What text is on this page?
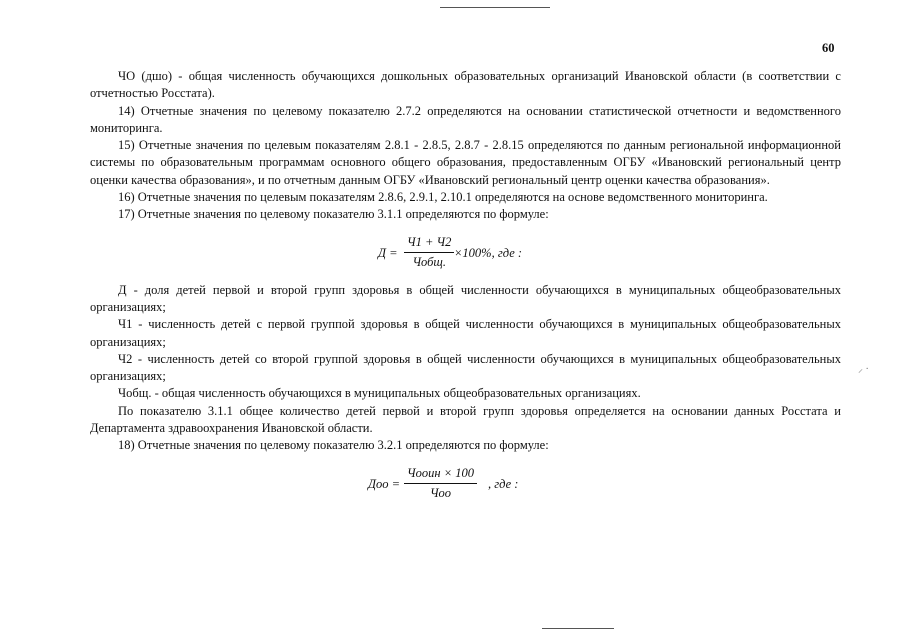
⸝ ·
60

ЧО (дшо) - общая численность обучающихся дошкольных образовательных организаций Ивановской области (в соответствии с отчетностью Росстата).

14) Отчетные значения по целевому показателю 2.7.2 определяются на основании статистической отчетности и ведомственного мониторинга.

15) Отчетные значения по целевым показателям 2.8.1 - 2.8.5, 2.8.7 - 2.8.15 определяются по данным региональной информационной системы по образовательным программам основного общего образования, предоставленным ОГБУ «Ивановский региональный центр оценки качества образования», и по отчетным данным ОГБУ «Ивановский региональный центр оценки качества образования».

16) Отчетные значения по целевым показателям 2.8.6, 2.9.1, 2.10.1 определяются на основе ведомственного мониторинга.

17) Отчетные значения по целевому показателю 3.1.1 определяются по формуле:

Д =
Ч1 + Ч2
Чобщ.
×100%, где :

Д - доля детей первой и второй групп здоровья в общей численности обучающихся в муниципальных общеобразовательных организациях;

Ч1 - численность детей с первой группой здоровья в общей численности обучающихся в муниципальных общеобразовательных организациях;

Ч2 - численность детей со второй группой здоровья в общей численности обучающихся в муниципальных общеобразовательных организациях;

Чобщ. - общая численность обучающихся в муниципальных общеобразовательных организациях.

По показателю 3.1.1 общее количество детей первой и второй групп здоровья определяется на основании данных Росстата и Департамента здравоохранения Ивановской области.

18) Отчетные значения по целевому показателю 3.2.1 определяются по формуле:

Доо =
Чооин × 100
Чоо
, где :
